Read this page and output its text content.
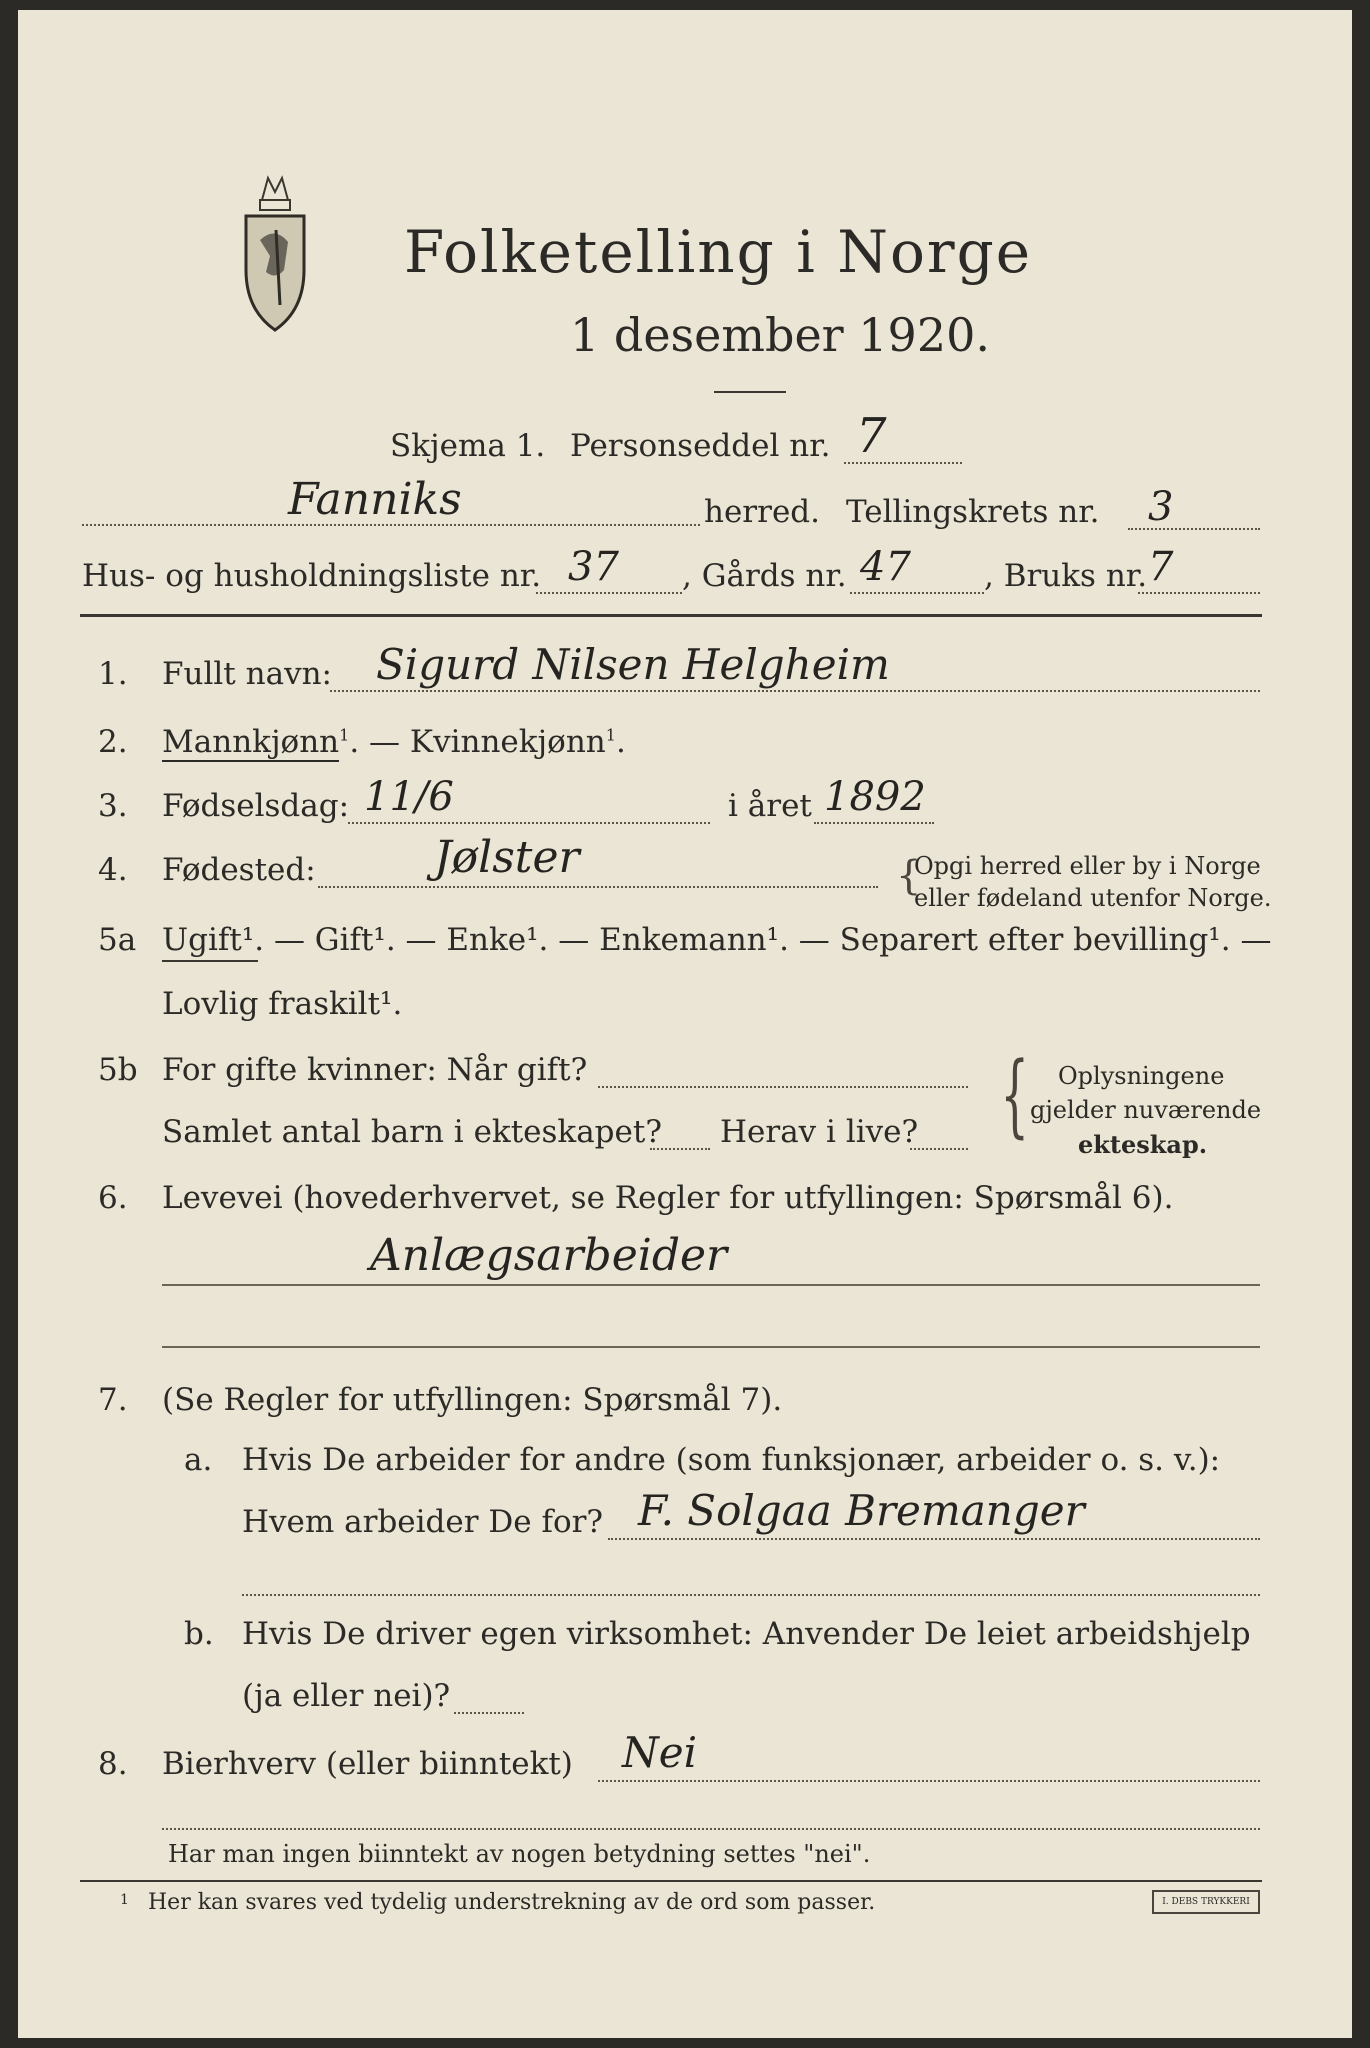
Folketelling i Norge
1 desember 1920.
Skjema 1. Personseddel nr. 7
Fanniks	herred. Tellingskrets nr. 3
Hus- og husholdningsliste nr. 37 , Gårds nr. 47 , Bruks nr. 7
1. Fullt navn: Sigurd Nilsen Helgheim
2. Mannkjønn$^1$. — Kvinnekjønn$^1$.
3. Fødselsdag: 11/6	i året 1892
4. Fødested:	Jølster	{
Opgi herred eller by i Norge
eller fødeland utenfor Norge.
5a Ugift¹. — Gift¹. — Enke¹. — Enkemann¹. — Separert efter bevilling¹. —
Lovlig fraskilt¹.
5b For gifte kvinner: Når gift?
Samlet antal barn i ekteskapet? Herav i live? { Oplysningene
gjelder nuværende
ekteskap.
6. Levevei (hovederhvervet, se Regler for utfyllingen: Spørsmål 6).
Anlægsarbeider
7. (Se Regler for utfyllingen: Spørsmål 7).
a. Hvis De arbeider for andre (som funksjonær, arbeider o. s. v.):
Hvem arbeider De for? F. Solgaa Bremanger
b. Hvis De driver egen virksomhet: Anvender De leiet arbeidshjelp
(ja eller nei)?
8. Bierhverv (eller biinntekt) Nei
Har man ingen biinntekt av nogen betydning settes "nei".
1 Her kan svares ved tydelig understrekning av de ord som passer.	I. DEBS TRYKKERI
